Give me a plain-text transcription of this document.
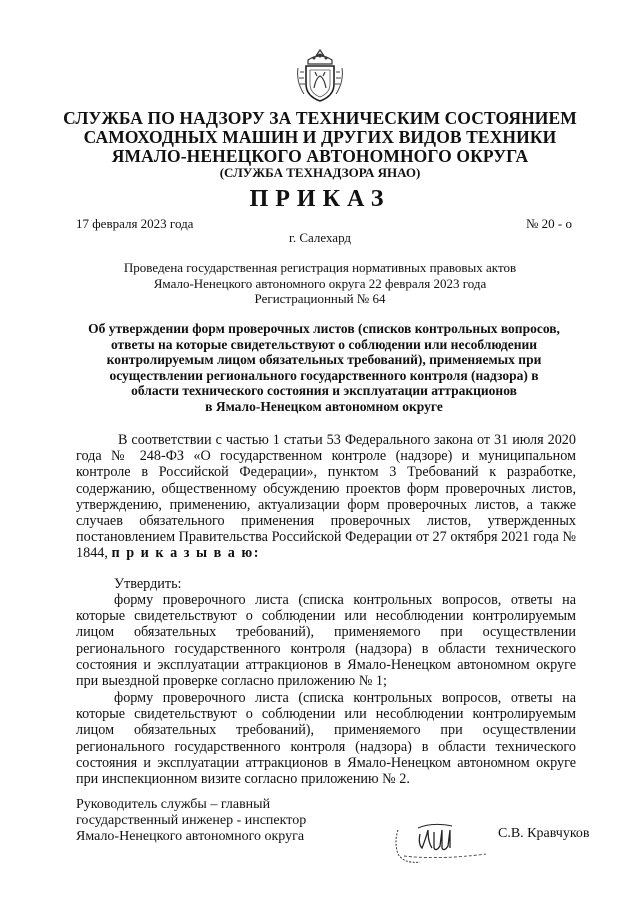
СЛУЖБА ПО НАДЗОРУ ЗА ТЕХНИЧЕСКИМ СОСТОЯНИЕМ
САМОХОДНЫХ МАШИН И ДРУГИХ ВИДОВ ТЕХНИКИ
ЯМАЛО-НЕНЕЦКОГО АВТОНОМНОГО ОКРУГА
(СЛУЖБА ТЕХНАДЗОРА ЯНАО)
ПРИКАЗ
17 февраля 2023 года	№ 20 - о
г. Салехард
Проведена государственная регистрация нормативных правовых актов
Ямало-Ненецкого автономного округа 22 февраля 2023 года
Регистрационный № 64
Об утверждении форм проверочных листов (списков контрольных вопросов,
ответы на которые свидетельствуют о соблюдении или несоблюдении
контролируемым лицом обязательных требований), применяемых при
осуществлении регионального государственного контроля (надзора) в
области технического состояния и эксплуатации аттракционов
в Ямало-Ненецком автономном округе
В соответствии с частью 1 статьи 53 Федерального закона от 31 июля 2020 года № 248-ФЗ «О государственном контроле (надзоре) и муниципальном контроле в Российской Федерации», пунктом 3 Требований к разработке, содержанию, общественному обсуждению проектов форм проверочных листов, утверждению, применению, актуализации форм проверочных листов, а также случаев обязательного применения проверочных листов, утвержденных постановлением Правительства Российской Федерации от 27 октября 2021 года № 1844, п р и к а з ы в а ю:
Утвердить:
форму проверочного листа (списка контрольных вопросов, ответы на которые свидетельствуют о соблюдении или несоблюдении контролируемым лицом обязательных требований), применяемого при осуществлении регионального государственного контроля (надзора) в области технического состояния и эксплуатации аттракционов в Ямало-Ненецком автономном округе при выездной проверке согласно приложению № 1;
форму проверочного листа (списка контрольных вопросов, ответы на которые свидетельствуют о соблюдении или несоблюдении контролируемым лицом обязательных требований), применяемого при осуществлении регионального государственного контроля (надзора) в области технического состояния и эксплуатации аттракционов в Ямало-Ненецком автономном округе при инспекционном визите согласно приложению № 2.
Руководитель службы – главный
государственный инженер - инспектор
Ямало-Ненецкого автономного округа	С.В. Кравчуков
